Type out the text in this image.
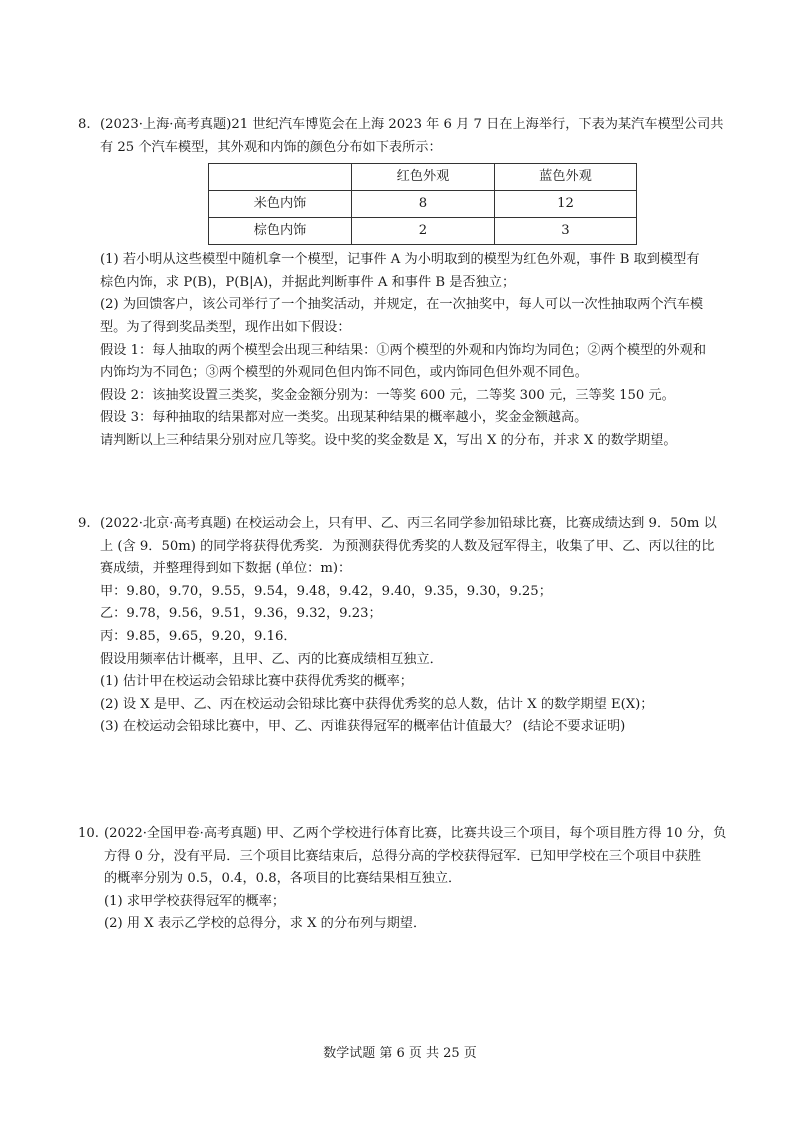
8. (2023·上海·高考真题)21 世纪汽车博览会在上海 2023 年 6 月 7 日在上海举行，下表为某汽车模型公司共

有 25 个汽车模型，其外观和内饰的颜色分布如下表所示：

	红色外观	蓝色外观
米色内饰	8	12
棕色内饰	2	3

(1) 若小明从这些模型中随机拿一个模型，记事件 A 为小明取到的模型为红色外观，事件 B 取到模型有

棕色内饰，求 P(B)，P(B|A)，并据此判断事件 A 和事件 B 是否独立；

(2) 为回馈客户，该公司举行了一个抽奖活动，并规定，在一次抽奖中，每人可以一次性抽取两个汽车模

型。为了得到奖品类型，现作出如下假设：

假设 1：每人抽取的两个模型会出现三种结果：①两个模型的外观和内饰均为同色；②两个模型的外观和

内饰均为不同色；③两个模型的外观同色但内饰不同色，或内饰同色但外观不同色。

假设 2：该抽奖设置三类奖，奖金金额分别为：一等奖 600 元，二等奖 300 元，三等奖 150 元。

假设 3：每种抽取的结果都对应一类奖。出现某种结果的概率越小，奖金金额越高。

请判断以上三种结果分别对应几等奖。设中奖的奖金数是 X，写出 X 的分布，并求 X 的数学期望。

9. (2022·北京·高考真题) 在校运动会上，只有甲、乙、丙三名同学参加铅球比赛，比赛成绩达到 9．50m 以

上 (含 9．50m) 的同学将获得优秀奖．为预测获得优秀奖的人数及冠军得主，收集了甲、乙、丙以往的比

赛成绩，并整理得到如下数据 (单位：m)：

甲：9.80，9.70，9.55，9.54，9.48，9.42，9.40，9.35，9.30，9.25；

乙：9.78，9.56，9.51，9.36，9.32，9.23；

丙：9.85，9.65，9.20，9.16．

假设用频率估计概率，且甲、乙、丙的比赛成绩相互独立．

(1) 估计甲在校运动会铅球比赛中获得优秀奖的概率；

(2) 设 X 是甲、乙、丙在校运动会铅球比赛中获得优秀奖的总人数，估计 X 的数学期望 E(X)；

(3) 在校运动会铅球比赛中，甲、乙、丙谁获得冠军的概率估计值最大？ (结论不要求证明)

10. (2022·全国甲卷·高考真题) 甲、乙两个学校进行体育比赛，比赛共设三个项目，每个项目胜方得 10 分，负

方得 0 分，没有平局．三个项目比赛结束后，总得分高的学校获得冠军．已知甲学校在三个项目中获胜

的概率分别为 0.5，0.4，0.8，各项目的比赛结果相互独立．

(1) 求甲学校获得冠军的概率；

(2) 用 X 表示乙学校的总得分，求 X 的分布列与期望．

数学试题 第 6 页 共 25 页
